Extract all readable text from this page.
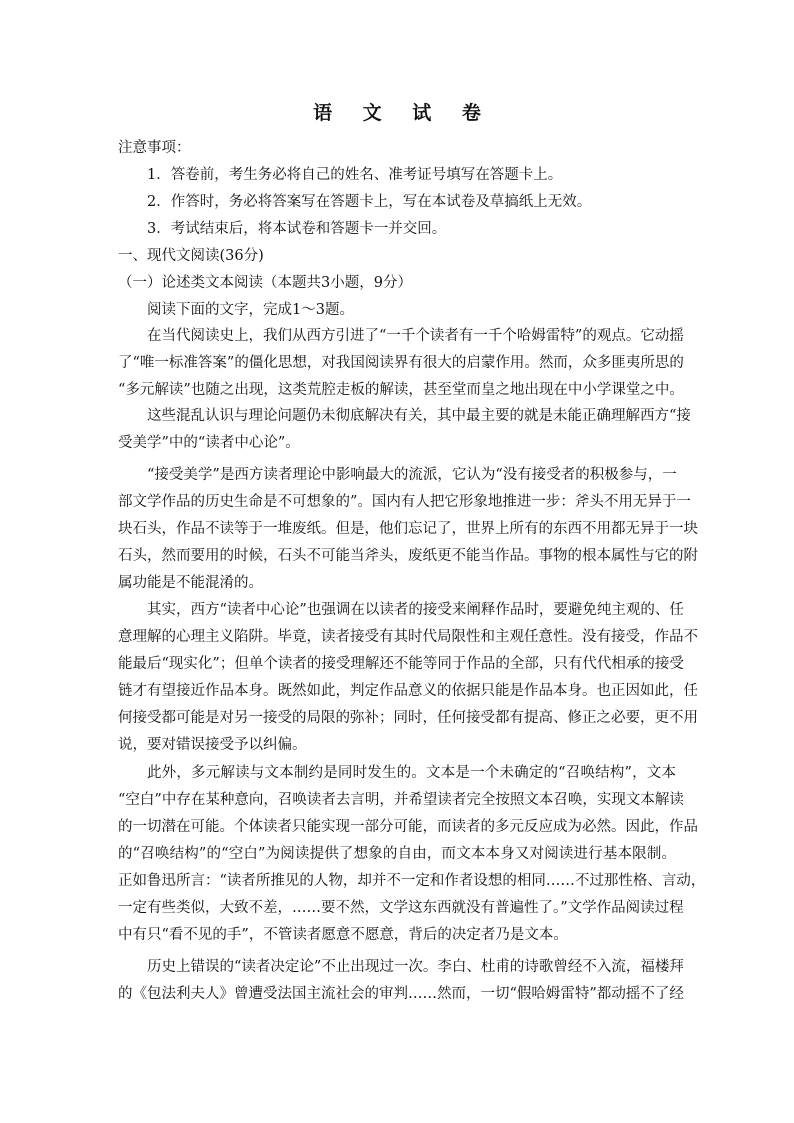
语 文 试 卷
注意事项：
1．答卷前，考生务必将自己的姓名、准考证号填写在答题卡上。
2．作答时，务必将答案写在答题卡上，写在本试卷及草搞纸上无效。
3．考试结束后，将本试卷和答题卡一并交回。
一、现代文阅读(36分)
（一）论述类文本阅读（本题共3小题，9分）
阅读下面的文字，完成1～3题。
在当代阅读史上，我们从西方引进了“一千个读者有一千个哈姆雷特”的观点。它动摇
了“唯一标准答案”的僵化思想，对我国阅读界有很大的启蒙作用。然而，众多匪夷所思的
“多元解读”也随之出现，这类荒腔走板的解读，甚至堂而皇之地出现在中小学课堂之中。
这些混乱认识与理论问题仍未彻底解决有关，其中最主要的就是未能正确理解西方“接
受美学”中的“读者中心论”。
“接受美学”是西方读者理论中影响最大的流派，它认为“没有接受者的积极参与，一
部文学作品的历史生命是不可想象的”。国内有人把它形象地推进一步：斧头不用无异于一
块石头，作品不读等于一堆废纸。但是，他们忘记了，世界上所有的东西不用都无异于一块
石头，然而要用的时候，石头不可能当斧头，废纸更不能当作品。事物的根本属性与它的附
属功能是不能混淆的。
其实，西方“读者中心论”也强调在以读者的接受来阐释作品时，要避免纯主观的、任
意理解的心理主义陷阱。毕竟，读者接受有其时代局限性和主观任意性。没有接受，作品不
能最后“现实化”；但单个读者的接受理解还不能等同于作品的全部，只有代代相承的接受
链才有望接近作品本身。既然如此，判定作品意义的依据只能是作品本身。也正因如此，任
何接受都可能是对另一接受的局限的弥补；同时，任何接受都有提高、修正之必要，更不用
说，要对错误接受予以纠偏。
此外，多元解读与文本制约是同时发生的。文本是一个未确定的“召唤结构”，文本
“空白”中存在某种意向，召唤读者去言明，并希望读者完全按照文本召唤，实现文本解读
的一切潜在可能。个体读者只能实现一部分可能，而读者的多元反应成为必然。因此，作品
的“召唤结构”的“空白”为阅读提供了想象的自由，而文本本身又对阅读进行基本限制。
正如鲁迅所言：“读者所推见的人物，却并不一定和作者设想的相同……不过那性格、言动，
一定有些类似，大致不差，……要不然，文学这东西就没有普遍性了。”文学作品阅读过程
中有只“看不见的手”，不管读者愿意不愿意，背后的决定者乃是文本。
历史上错误的“读者决定论”不止出现过一次。李白、杜甫的诗歌曾经不入流，福楼拜
的《包法利夫人》曾遭受法国主流社会的审判……然而，一切“假哈姆雷特”都动摇不了经
